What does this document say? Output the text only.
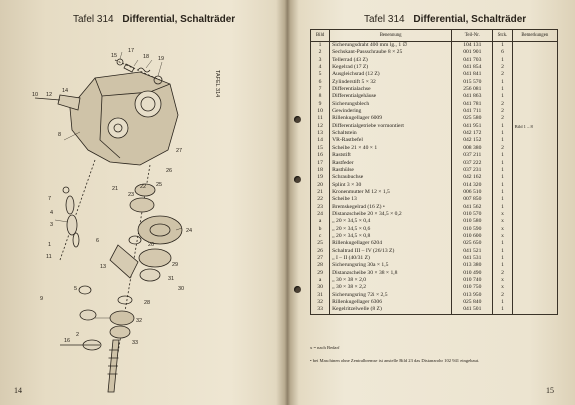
Tafel 314 Differential, Schalträder
TAFEL 314
15
17
18 19
10 12
14
27
26
25
22
23
21
8
7
4
3
1
11
24
6
20
13
5
9
29
31
30
32
33
2
28
16
14
Tafel 314 Differential, Schalträder
Bild	Benennung	Teil-Nr.	Stck.	Bemerkungen
1	Sicherungsdraht 400 mm lg., 1 ∅	104 131	1	
2	Sechskant-Passschraube 8 × 25	001 901	6	
3	Tellerrad (43 Z)	041 703	1	
4	Kegelrad (17 Z)	041 854	2	
5	Ausgleichsrad (12 Z)	041 841	2	
6	Zylinderstift 5 × 32	015 570	1	
7	Differentialachse	256 081	1	
8	Differentialgehäuse	041 863	1	
9	Sicherungsblech	041 781	2	
10	Gewindering	041 711	2	
11	Rillenkugellager 6009	025 580	2	
12	Differentialgetriebe vormontiert	041 951	1	Bild 1 – 8
13	Schaltstein	042 172	1	
14	VR-Rastbefel	042 152	1	
15	Scheibe 21 × 40 × 1	008 380	2	
16	Raststift	037 211	1	
17	Rastfeder	037 222	1	
18	Rasthülse	037 231	1	
19	Schraubuchse	042 162	1	
20	Splint 3 × 30	014 320	1	
21	Kronenmutter M 12 × 1,5	006 510	1	
22	Scheibe 13	007 850	1	
23	Bremskegelrad (16 Z) •	041 562	1	
24	Distanzscheibe 20 × 34,5 × 0,2	010 570	x	
a	„ 20 × 34,5 × 0,4	010 580	x	
b	„ 20 × 34,5 × 0,6	010 590	x	
c	„ 20 × 34,5 × 0,8	010 600	x	
25	Rillenkugellager 6204	025 650	1	
26	Schaltrad III – IV (26/13 Z)	041 521	1	
27	„ I – II (40/31 Z)	041 531	1	
28	Sicherungsring 30a × 1,5	013 380	1	
29	Distanzscheibe 30 × 38 × 1,8	010 490	2	
a	„ 30 × 38 × 2,0	010 740	x	
30	„ 30 × 38 × 2,2	010 750	x	
31	Sicherungsring 72i × 2,5	013 950	2	
32	Rillenkugellager 6306	025 840	1	
33	Kegelritzelwelle (8 Z)	041 501	1	
x = nach Bedarf
• bei Maschinen ohne Zentralbremse ist anstelle Bild 23 das Distanzrohr 102 941 eingebaut.
15
